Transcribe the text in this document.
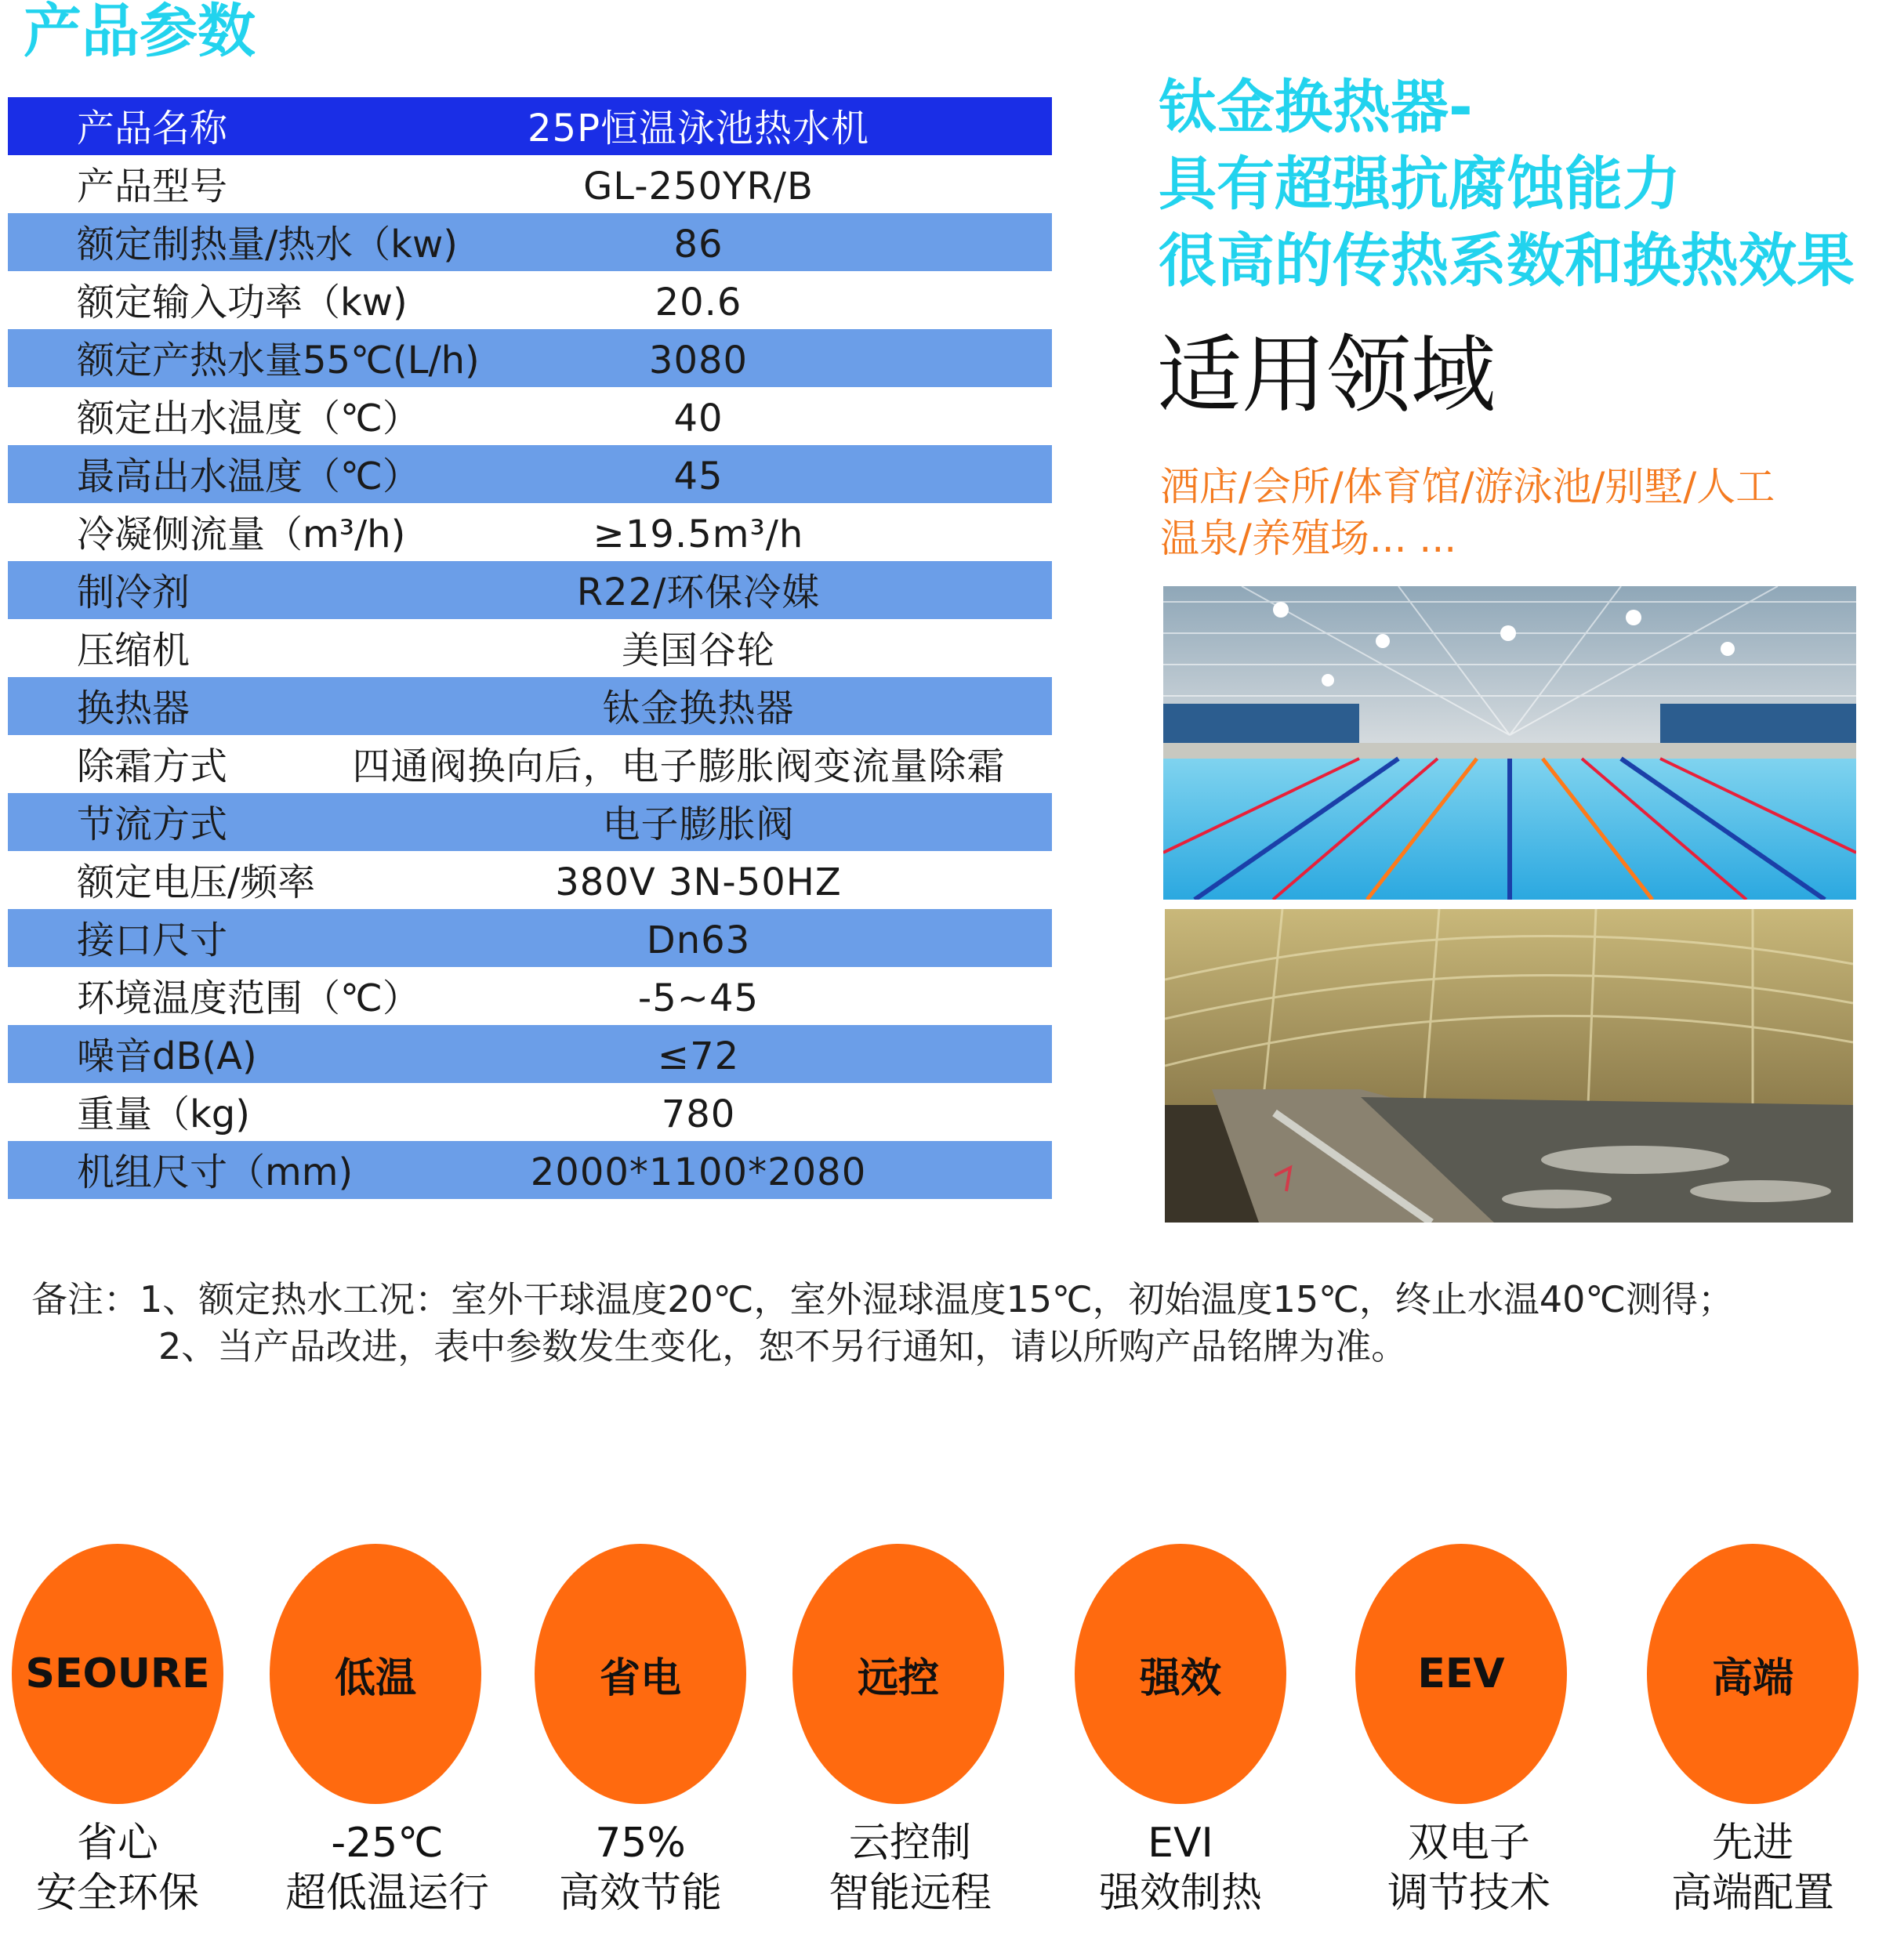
产品参数
产品名称	25P恒温泳池热水机
产品型号	GL-250YR/B
额定制热量/热水（kw)	86
额定输入功率（kw)	20.6
额定产热水量55℃(L/h)	3080
额定出水温度（℃）	40
最高出水温度（℃）	45
冷凝侧流量（m³/h)	≥19.5m³/h
制冷剂	R22/环保冷媒
压缩机	美国谷轮
换热器	钛金换热器
除霜方式	四通阀换向后，电子膨胀阀变流量除霜
节流方式	电子膨胀阀
额定电压/频率	380V 3N-50HZ
接口尺寸	Dn63
环境温度范围（℃）	-5~45
噪音dB(A)	≤72
重量（kg)	780
机组尺寸（mm)	2000*1100*2080
钛金换热器-
具有超强抗腐蚀能力
很高的传热系数和换热效果
适用领域
酒店/会所/体育馆/游泳池/别墅/人工
温泉/养殖场... ...
备注：1、额定热水工况：室外干球温度20℃，室外湿球温度15℃，初始温度15℃，终止水温40℃测得；
2、当产品改进，表中参数发生变化，恕不另行通知，请以所购产品铭牌为准。
SEOURE
省心
安全环保
低温
-25℃
超低温运行
省电
75%
高效节能
远控
云控制
智能远程
强效
EVI
强效制热
EEV
双电子
调节技术
高端
先进
高端配置
